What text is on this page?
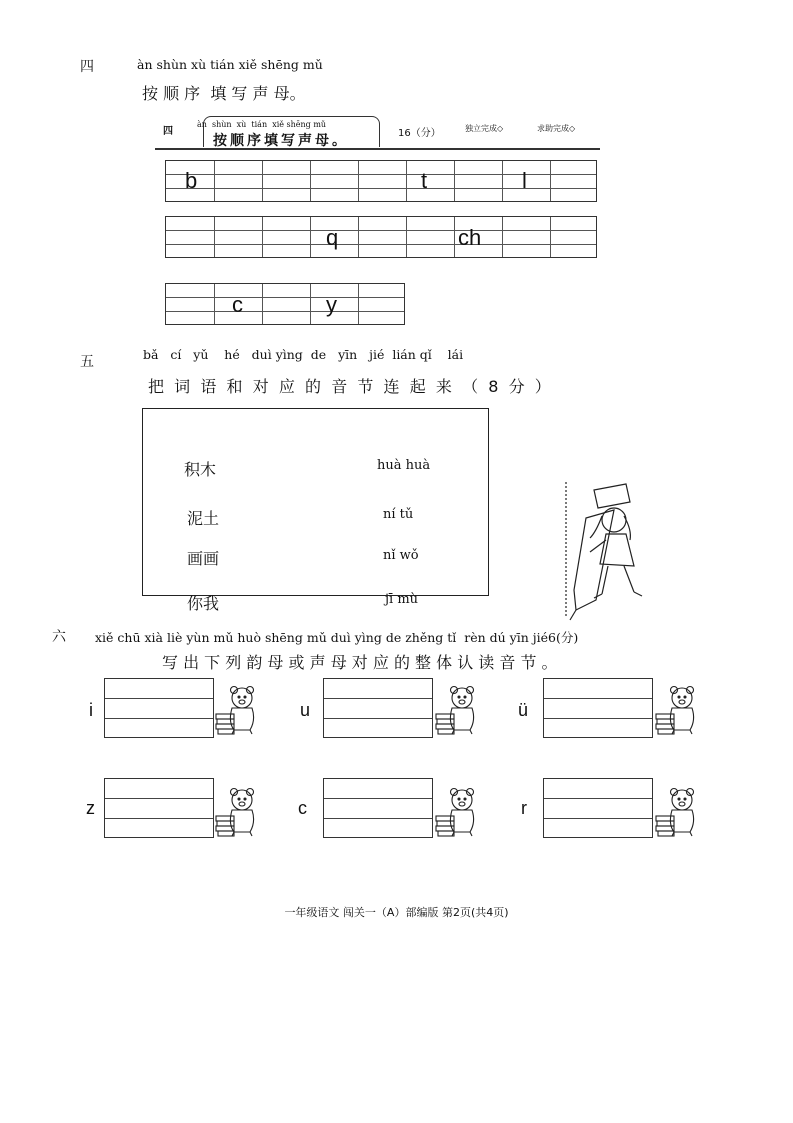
四	àn shùn xù tián xiě shēng mǔ
按 顺 序  填 写 声 母。
四
àn  shùn  xù  tián  xiě shēng mǔ
按顺序填写声母。	16（分）	独立完成◇	求助完成◇
b	t	l
q	ch
c	y
五	bǎ   cí   yǔ    hé   duì yìng  de   yīn   jié  lián qǐ    lái
把  词  语  和  对  应  的  音  节  连  起  来  （  8  分  ）
积木
泥土
画画
你我
huà huà
ní tǔ
nǐ wǒ
jī mù
六 xiě chū xià liè yùn mǔ huò shēng mǔ duì yìng de zhěng tǐ  rèn dú yīn jié6(分)
写 出 下 列 韵 母 或 声 母 对 应 的 整 体 认 读 音 节 。
i	u	ü
z	c	r
一年级语文 闯关一（A）部编版 第2页(共4页)
